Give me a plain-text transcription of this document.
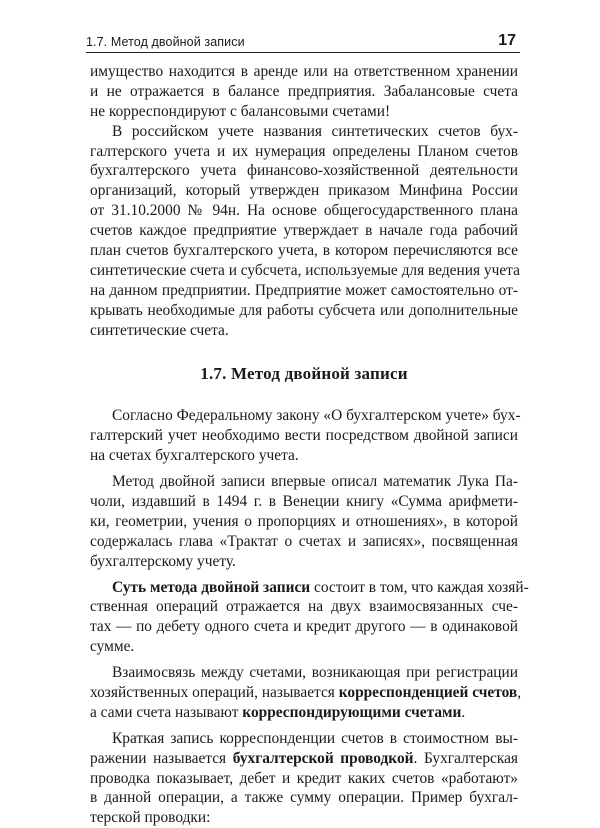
1.7. Метод двойной записи	17
имущество находится в аренде или на ответственном хранении
и не отражается в балансе предприятия. Забалансовые счета
не корреспондируют с балансовыми счетами!
В российском учете названия синтетических счетов бух-
галтерского учета и их нумерация определены Планом счетов
бухгалтерского учета финансово-хозяйственной деятельности
организаций, который утвержден приказом Минфина России
от 31.10.2000 № 94н. На основе общегосударственного плана
счетов каждое предприятие утверждает в начале года рабочий
план счетов бухгалтерского учета, в котором перечисляются все
синтетические счета и субсчета, используемые для ведения учета
на данном предприятии. Предприятие может самостоятельно от-
крывать необходимые для работы субсчета или дополнительные
синтетические счета.
1.7. Метод двойной записи
Согласно Федеральному закону «О бухгалтерском учете» бух-
галтерский учет необходимо вести посредством двойной записи
на счетах бухгалтерского учета.
Метод двойной записи впервые описал математик Лука Па-
чоли, издавший в 1494 г. в Венеции книгу «Сумма арифмети-
ки, геометрии, учения о пропорциях и отношениях», в которой
содержалась глава «Трактат о счетах и записях», посвященная
бухгалтерскому учету.
Суть метода двойной записи состоит в том, что каждая хозяй-
ственная операций отражается на двух взаимосвязанных сче-
тах — по дебету одного счета и кредит другого — в одинаковой
сумме.
Взаимосвязь между счетами, возникающая при регистрации
хозяйственных операций, называется корреспонденцией счетов,
а сами счета называют корреспондирующими счетами.
Краткая запись корреспонденции счетов в стоимостном вы-
ражении называется бухгалтерской проводкой. Бухгалтерская
проводка показывает, дебет и кредит каких счетов «работают»
в данной операции, а также сумму операции. Пример бухгал-
терской проводки:
